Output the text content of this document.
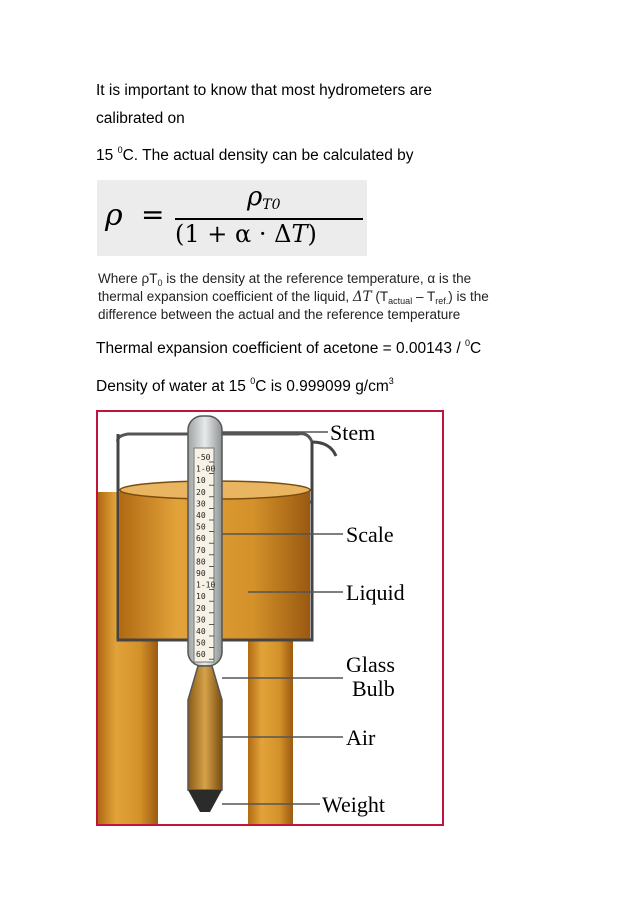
It is important to know that most hydrometers are
calibrated on
15 $^0$C. The actual density can be calculated by
ρ =
$\rho_{T0}$
(1 + α · ΔT)
Where $\rho T_0$ is the density at the reference temperature, α is the
thermal expansion coefficient of the liquid, ΔT $(T_{actual} - T_{ref.})$ is the
difference between the actual and the reference temperature
Thermal expansion coefficient of acetone = 0.00143 / $^0$C
Density of water at 15 $^0$C is 0.999099 $g/cm^3$
-50
1-00
10
20
30
40
50
60
70
80
90
1-10
10
20
30
40
50
60
Stem
Scale
Liquid
Glass
Bulb
Air
Weight
